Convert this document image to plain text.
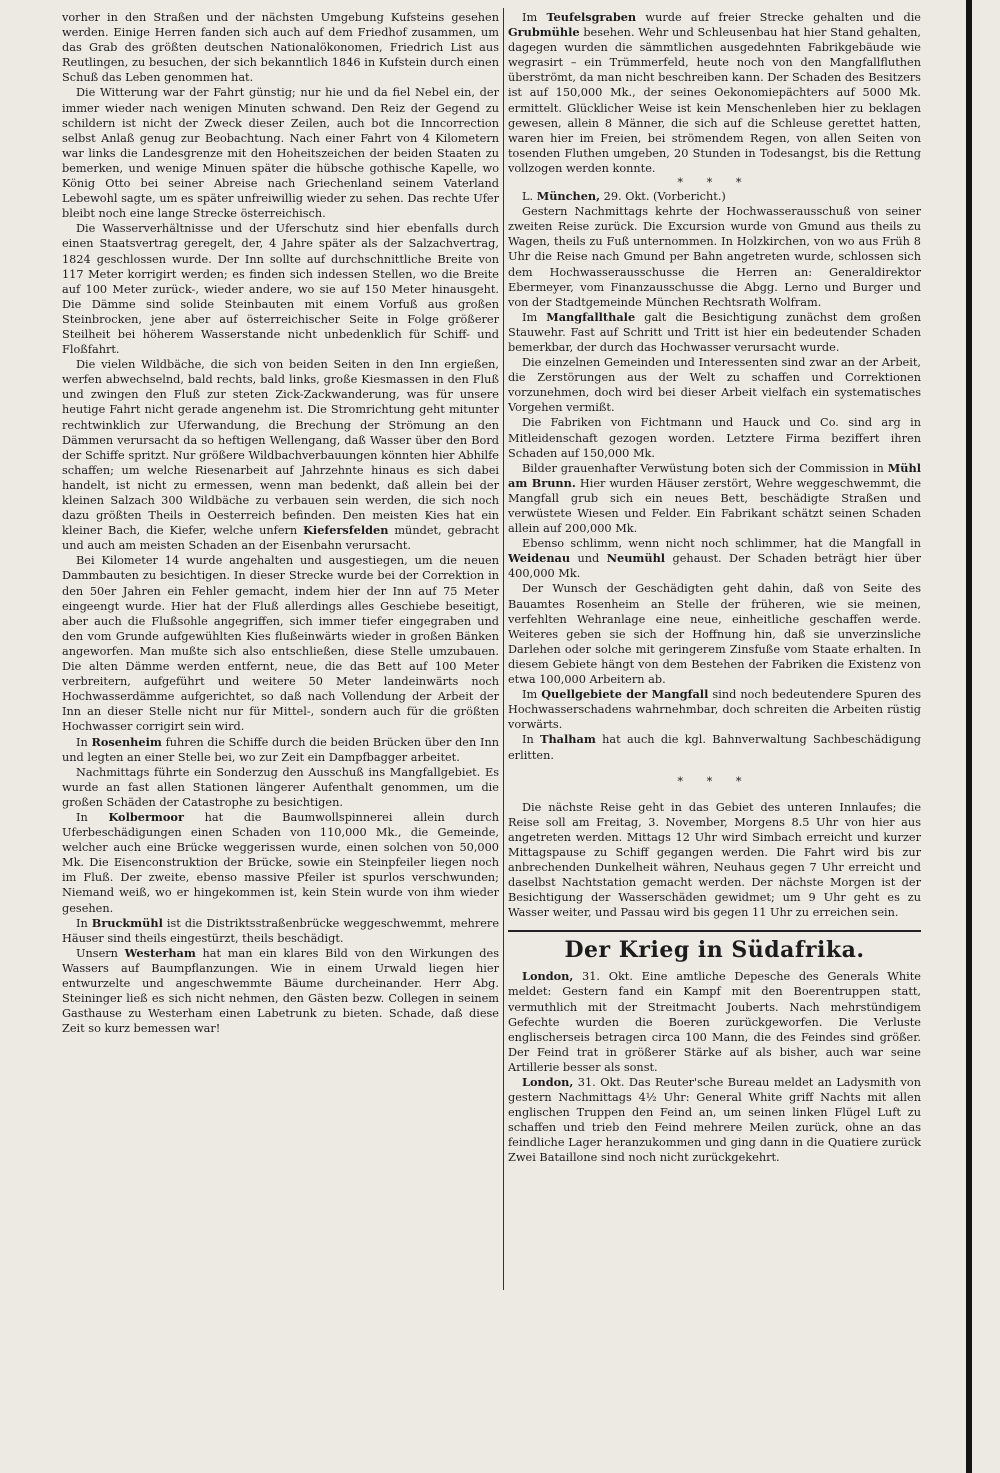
vorher in den Straßen und der nächsten Umgebung Kufsteins gesehen werden. Einige Herren fanden sich auch auf dem Friedhof zusammen, um das Grab des größten deutschen Nationalökonomen, Friedrich List aus Reutlingen, zu besuchen, der sich bekanntlich 1846 in Kufstein durch einen Schuß das Leben genommen hat.

Die Witterung war der Fahrt günstig; nur hie und da fiel Nebel ein, der immer wieder nach wenigen Minuten schwand. Den Reiz der Gegend zu schildern ist nicht der Zweck dieser Zeilen, auch bot die Inncorrection selbst Anlaß genug zur Beobachtung. Nach einer Fahrt von 4 Kilometern war links die Landesgrenze mit den Hoheitszeichen der beiden Staaten zu bemerken, und wenige Minuen später die hübsche gothische Kapelle, wo König Otto bei seiner Abreise nach Griechenland seinem Vaterland Lebewohl sagte, um es später unfreiwillig wieder zu sehen. Das rechte Ufer bleibt noch eine lange Strecke österreichisch.

Die Wasserverhältnisse und der Uferschutz sind hier ebenfalls durch einen Staatsvertrag geregelt, der, 4 Jahre später als der Salzachvertrag, 1824 geschlossen wurde. Der Inn sollte auf durchschnittliche Breite von 117 Meter korrigirt werden; es finden sich indessen Stellen, wo die Breite auf 100 Meter zurück-, wieder andere, wo sie auf 150 Meter hinausgeht. Die Dämme sind solide Steinbauten mit einem Vorfuß aus großen Steinbrocken, jene aber auf österreichischer Seite in Folge größerer Steilheit bei höherem Wasserstande nicht unbedenklich für Schiff- und Floßfahrt.

Die vielen Wildbäche, die sich von beiden Seiten in den Inn ergießen, werfen abwechselnd, bald rechts, bald links, große Kiesmassen in den Fluß und zwingen den Fluß zur steten Zick-Zackwanderung, was für unsere heutige Fahrt nicht gerade angenehm ist. Die Stromrichtung geht mitunter rechtwinklich zur Uferwandung, die Brechung der Strömung an den Dämmen verursacht da so heftigen Wellengang, daß Wasser über den Bord der Schiffe spritzt. Nur größere Wildbachverbauungen könnten hier Abhilfe schaffen; um welche Riesenarbeit auf Jahrzehnte hinaus es sich dabei handelt, ist nicht zu ermessen, wenn man bedenkt, daß allein bei der kleinen Salzach 300 Wildbäche zu verbauen sein werden, die sich noch dazu größten Theils in Oesterreich befinden. Den meisten Kies hat ein kleiner Bach, die Kiefer, welche unfern Kiefersfelden mündet, gebracht und auch am meisten Schaden an der Eisenbahn verursacht.

Bei Kilometer 14 wurde angehalten und ausgestiegen, um die neuen Dammbauten zu besichtigen. In dieser Strecke wurde bei der Correktion in den 50er Jahren ein Fehler gemacht, indem hier der Inn auf 75 Meter eingeengt wurde. Hier hat der Fluß allerdings alles Geschiebe beseitigt, aber auch die Flußsohle angegriffen, sich immer tiefer eingegraben und den vom Grunde aufgewühlten Kies flußeinwärts wieder in großen Bänken angeworfen. Man mußte sich also entschließen, diese Stelle umzubauen. Die alten Dämme werden entfernt, neue, die das Bett auf 100 Meter verbreitern, aufgeführt und weitere 50 Meter landeinwärts noch Hochwasserdämme aufgerichtet, so daß nach Vollendung der Arbeit der Inn an dieser Stelle nicht nur für Mittel-, sondern auch für die größten Hochwasser corrigirt sein wird.

In Rosenheim fuhren die Schiffe durch die beiden Brücken über den Inn und legten an einer Stelle bei, wo zur Zeit ein Dampfbagger arbeitet.

Nachmittags führte ein Sonderzug den Ausschuß ins Mangfallgebiet. Es wurde an fast allen Stationen längerer Aufenthalt genommen, um die großen Schäden der Catastrophe zu besichtigen.

In Kolbermoor hat die Baumwollspinnerei allein durch Uferbeschädigungen einen Schaden von 110,000 Mk., die Gemeinde, welcher auch eine Brücke weggerissen wurde, einen solchen von 50,000 Mk. Die Eisenconstruktion der Brücke, sowie ein Steinpfeiler liegen noch im Fluß. Der zweite, ebenso massive Pfeiler ist spurlos verschwunden; Niemand weiß, wo er hingekommen ist, kein Stein wurde von ihm wieder gesehen.

In Bruckmühl ist die Distriktsstraßenbrücke weggeschwemmt, mehrere Häuser sind theils eingestürzt, theils beschädigt.

Unsern Westerham hat man ein klares Bild von den Wirkungen des Wassers auf Baumpflanzungen. Wie in einem Urwald liegen hier entwurzelte und angeschwemmte Bäume durcheinander. Herr Abg. Steininger ließ es sich nicht nehmen, den Gästen bezw. Collegen in seinem Gasthause zu Westerham einen Labetrunk zu bieten. Schade, daß diese Zeit so kurz bemessen war!

Im Teufelsgraben wurde auf freier Strecke gehalten und die Grubmühle besehen. Wehr und Schleusenbau hat hier Stand gehalten, dagegen wurden die sämmtlichen ausgedehnten Fabrikgebäude wie wegrasirt – ein Trümmerfeld, heute noch von den Mangfallfluthen überströmt, da man nicht beschreiben kann. Der Schaden des Besitzers ist auf 150,000 Mk., der seines Oekonomiepächters auf 5000 Mk. ermittelt. Glücklicher Weise ist kein Menschenleben hier zu beklagen gewesen, allein 8 Männer, die sich auf die Schleuse gerettet hatten, waren hier im Freien, bei strömendem Regen, von allen Seiten von tosenden Fluthen umgeben, 20 Stunden in Todesangst, bis die Rettung vollzogen werden konnte.

* * *

L. München, 29. Okt. (Vorbericht.)

Gestern Nachmittags kehrte der Hochwasserausschuß von seiner zweiten Reise zurück. Die Excursion wurde von Gmund aus theils zu Wagen, theils zu Fuß unternommen. In Holzkirchen, von wo aus Früh 8 Uhr die Reise nach Gmund per Bahn angetreten wurde, schlossen sich dem Hochwasserausschusse die Herren an: Generaldirektor Ebermeyer, vom Finanzausschusse die Abgg. Lerno und Burger und von der Stadtgemeinde München Rechtsrath Wolfram.

Im Mangfallthale galt die Besichtigung zunächst dem großen Stauwehr. Fast auf Schritt und Tritt ist hier ein bedeutender Schaden bemerkbar, der durch das Hochwasser verursacht wurde.

Die einzelnen Gemeinden und Interessenten sind zwar an der Arbeit, die Zerstörungen aus der Welt zu schaffen und Correktionen vorzunehmen, doch wird bei dieser Arbeit vielfach ein systematisches Vorgehen vermißt.

Die Fabriken von Fichtmann und Hauck und Co. sind arg in Mitleidenschaft gezogen worden. Letztere Firma beziffert ihren Schaden auf 150,000 Mk.

Bilder grauenhafter Verwüstung boten sich der Commission in Mühl am Brunn. Hier wurden Häuser zerstört, Wehre weggeschwemmt, die Mangfall grub sich ein neues Bett, beschädigte Straßen und verwüstete Wiesen und Felder. Ein Fabrikant schätzt seinen Schaden allein auf 200,000 Mk.

Ebenso schlimm, wenn nicht noch schlimmer, hat die Mangfall in Weidenau und Neumühl gehaust. Der Schaden beträgt hier über 400,000 Mk.

Der Wunsch der Geschädigten geht dahin, daß von Seite des Bauamtes Rosenheim an Stelle der früheren, wie sie meinen, verfehlten Wehranlage eine neue, einheitliche geschaffen werde. Weiteres geben sie sich der Hoffnung hin, daß sie unverzinsliche Darlehen oder solche mit geringerem Zinsfuße vom Staate erhalten. In diesem Gebiete hängt von dem Bestehen der Fabriken die Existenz von etwa 100,000 Arbeitern ab.

Im Quellgebiete der Mangfall sind noch bedeutendere Spuren des Hochwasserschadens wahrnehmbar, doch schreiten die Arbeiten rüstig vorwärts.

In Thalham hat auch die kgl. Bahnverwaltung Sachbeschädigung erlitten.

* * *

Die nächste Reise geht in das Gebiet des unteren Innlaufes; die Reise soll am Freitag, 3. November, Morgens 8.5 Uhr von hier aus angetreten werden. Mittags 12 Uhr wird Simbach erreicht und kurzer Mittagspause zu Schiff gegangen werden. Die Fahrt wird bis zur anbrechenden Dunkelheit währen, Neuhaus gegen 7 Uhr erreicht und daselbst Nachtstation gemacht werden. Der nächste Morgen ist der Besichtigung der Wasserschäden gewidmet; um 9 Uhr geht es zu Wasser weiter, und Passau wird bis gegen 11 Uhr zu erreichen sein.

Der Krieg in Südafrika.

London, 31. Okt. Eine amtliche Depesche des Generals White meldet: Gestern fand ein Kampf mit den Boerentruppen statt, vermuthlich mit der Streitmacht Jouberts. Nach mehrstündigem Gefechte wurden die Boeren zurückgeworfen. Die Verluste englischerseis betragen circa 100 Mann, die des Feindes sind größer. Der Feind trat in größerer Stärke auf als bisher, auch war seine Artillerie besser als sonst.

London, 31. Okt. Das Reuter'sche Bureau meldet an Ladysmith von gestern Nachmittags 4½ Uhr: General White griff Nachts mit allen englischen Truppen den Feind an, um seinen linken Flügel Luft zu schaffen und trieb den Feind mehrere Meilen zurück, ohne an das feindliche Lager heranzukommen und ging dann in die Quatiere zurück Zwei Bataillone sind noch nicht zurückgekehrt.
